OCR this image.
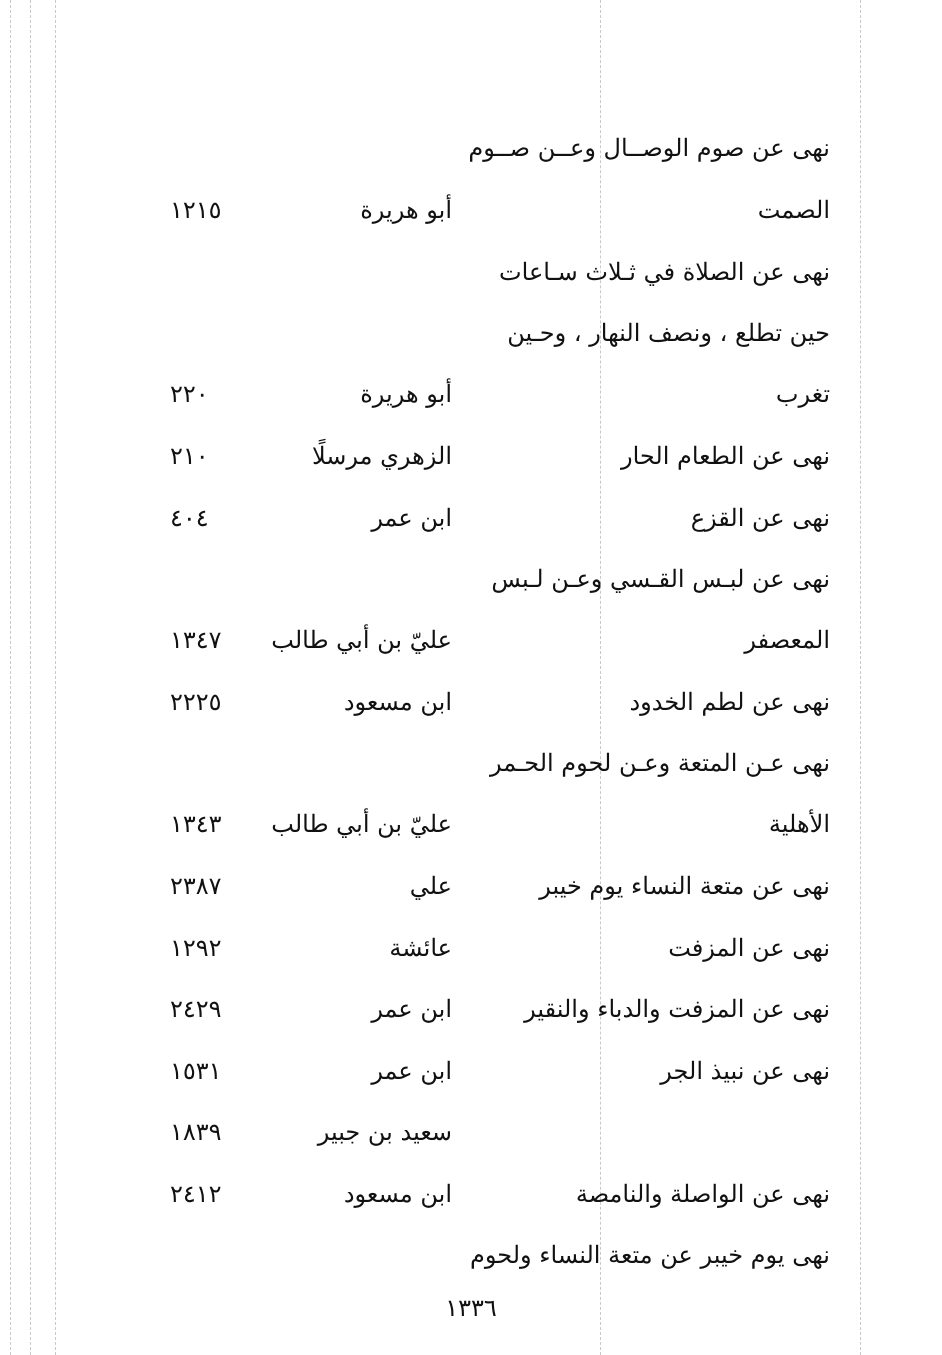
نهى عن صوم الوصــال وعــن صــوم
الصمت
أبو هريرة
١٢١٥
نهى عن الصلاة في ثـلاث سـاعات
حين تطلع ، ونصف النهار ، وحـين
تغرب
أبو هريرة
٢٢٠
نهى عن الطعام الحار
الزهري مرسلًا
٢١٠
نهى عن القزع
ابن عمر
٤٠٤
نهى عن لبـس القـسي وعـن لـبس
المعصفر
عليّ بن أبي طالب
١٣٤٧
نهى عن لطم الخدود
ابن مسعود
٢٢٢٥
نهى عـن المتعة وعـن لحوم الحـمر
الأهلية
عليّ بن أبي طالب
١٣٤٣
نهى عن متعة النساء يوم خيبر
علي
٢٣٨٧
نهى عن المزفت
عائشة
١٢٩٢
نهى عن المزفت والدباء والنقير
ابن عمر
٢٤٢٩
نهى عن نبيذ الجر
ابن عمر
١٥٣١
سعيد بن جبير
١٨٣٩
نهى عن الواصلة والنامصة
ابن مسعود
٢٤١٢
نهى يوم خيبر عن متعة النساء ولحوم
١٣٣٦
